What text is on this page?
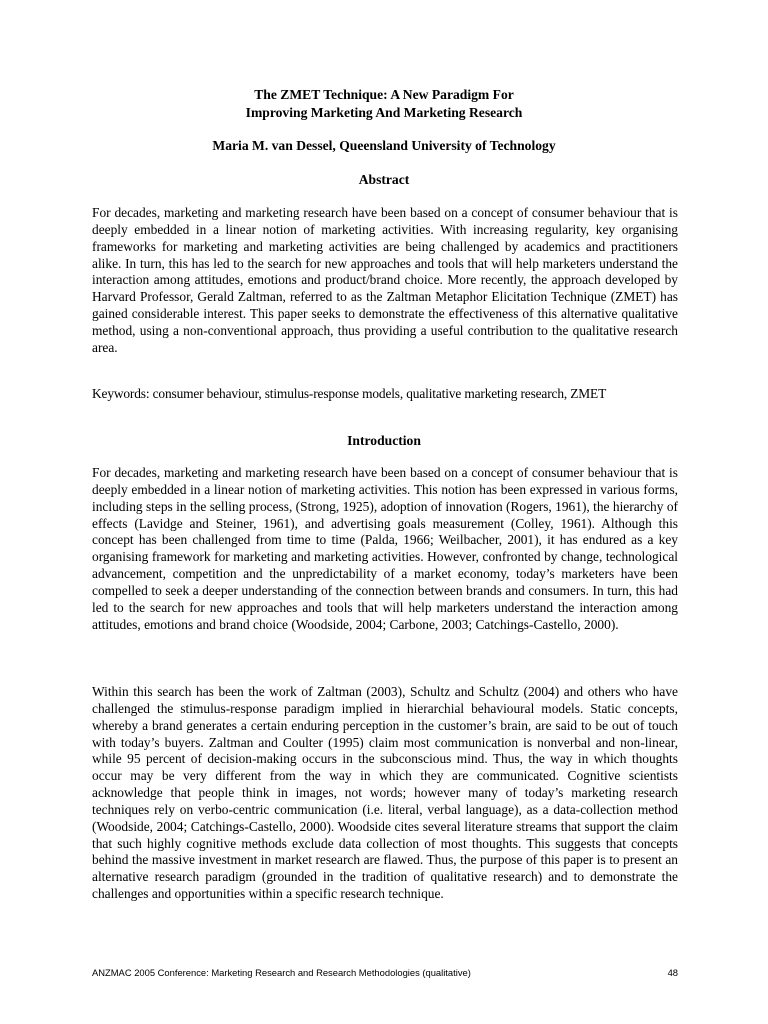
The ZMET Technique: A New Paradigm For
Improving Marketing And Marketing Research
Maria M. van Dessel, Queensland University of Technology
Abstract
For decades, marketing and marketing research have been based on a concept of consumer behaviour that is deeply embedded in a linear notion of marketing activities. With increasing regularity, key organising frameworks for marketing and marketing activities are being challenged by academics and practitioners alike. In turn, this has led to the search for new approaches and tools that will help marketers understand the interaction among attitudes, emotions and product/brand choice. More recently, the approach developed by Harvard Professor, Gerald Zaltman, referred to as the Zaltman Metaphor Elicitation Technique (ZMET) has gained considerable interest. This paper seeks to demonstrate the effectiveness of this alternative qualitative method, using a non-conventional approach, thus providing a useful contribution to the qualitative research area.
Keywords: consumer behaviour, stimulus-response models, qualitative marketing research, ZMET
Introduction
For decades, marketing and marketing research have been based on a concept of consumer behaviour that is deeply embedded in a linear notion of marketing activities. This notion has been expressed in various forms, including steps in the selling process, (Strong, 1925), adoption of innovation (Rogers, 1961), the hierarchy of effects (Lavidge and Steiner, 1961), and advertising goals measurement (Colley, 1961). Although this concept has been challenged from time to time (Palda, 1966; Weilbacher, 2001), it has endured as a key organising framework for marketing and marketing activities. However, confronted by change, technological advancement, competition and the unpredictability of a market economy, today’s marketers have been compelled to seek a deeper understanding of the connection between brands and consumers. In turn, this had led to the search for new approaches and tools that will help marketers understand the interaction among attitudes, emotions and brand choice (Woodside, 2004; Carbone, 2003; Catchings-Castello, 2000).
Within this search has been the work of Zaltman (2003), Schultz and Schultz (2004) and others who have challenged the stimulus-response paradigm implied in hierarchial behavioural models. Static concepts, whereby a brand generates a certain enduring perception in the customer’s brain, are said to be out of touch with today’s buyers. Zaltman and Coulter (1995) claim most communication is nonverbal and non-linear, while 95 percent of decision-making occurs in the subconscious mind. Thus, the way in which thoughts occur may be very different from the way in which they are communicated. Cognitive scientists acknowledge that people think in images, not words; however many of today’s marketing research techniques rely on verbo-centric communication (i.e. literal, verbal language), as a data-collection method (Woodside, 2004; Catchings-Castello, 2000). Woodside cites several literature streams that support the claim that such highly cognitive methods exclude data collection of most thoughts. This suggests that concepts behind the massive investment in market research are flawed. Thus, the purpose of this paper is to present an alternative research paradigm (grounded in the tradition of qualitative research) and to demonstrate the challenges and opportunities within a specific research technique.
ANZMAC 2005 Conference: Marketing Research and Research Methodologies (qualitative)	48
